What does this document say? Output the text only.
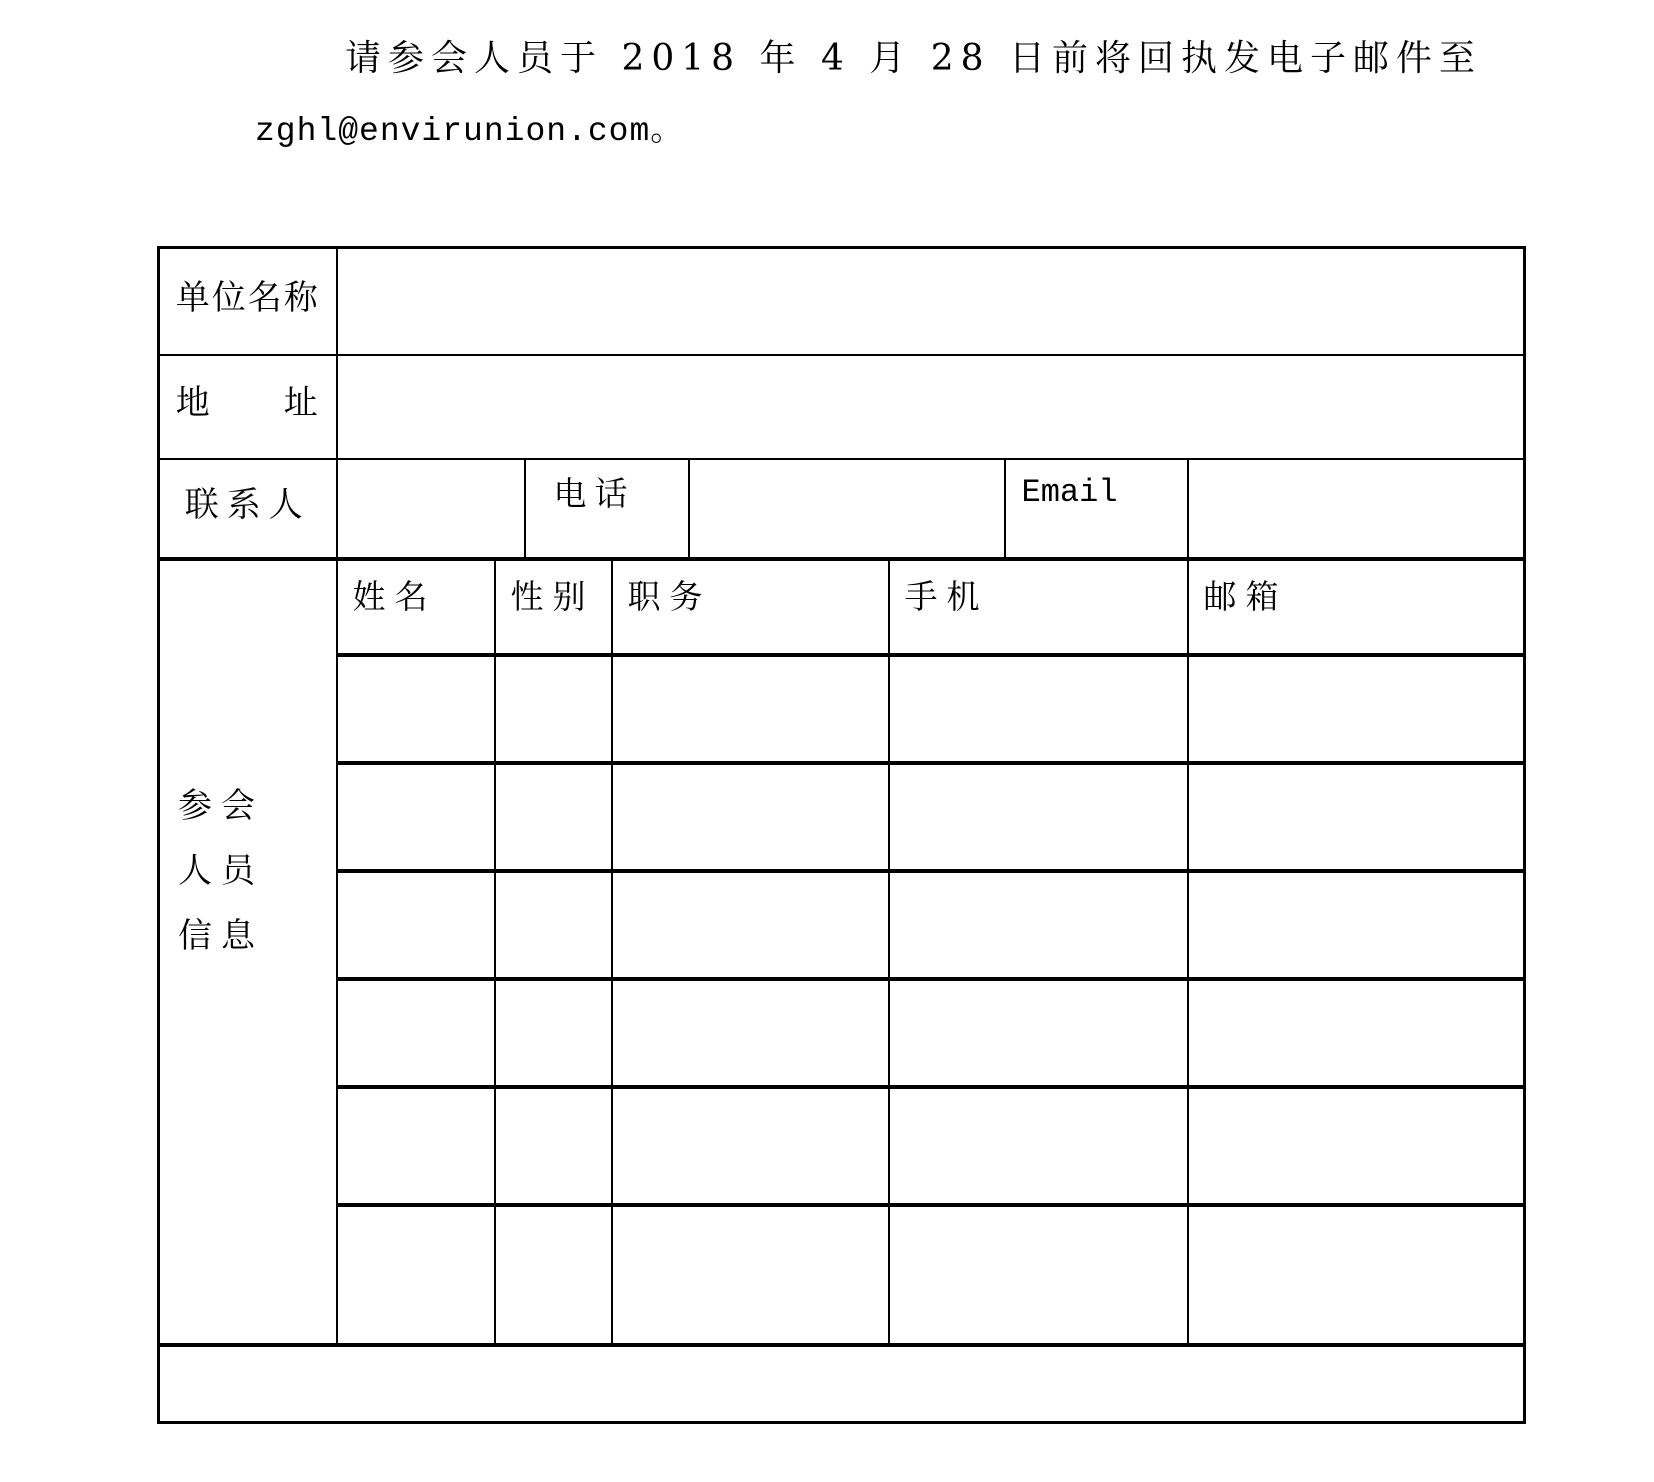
请参会人员于 2018 年 4 月 28 日前将回执发电子邮件至
zghl@envirunion.com。
单位名称								
地　　址								
联系人			电话				Email	

参会
人员
信息	姓名	性别		职务		手机		邮箱
